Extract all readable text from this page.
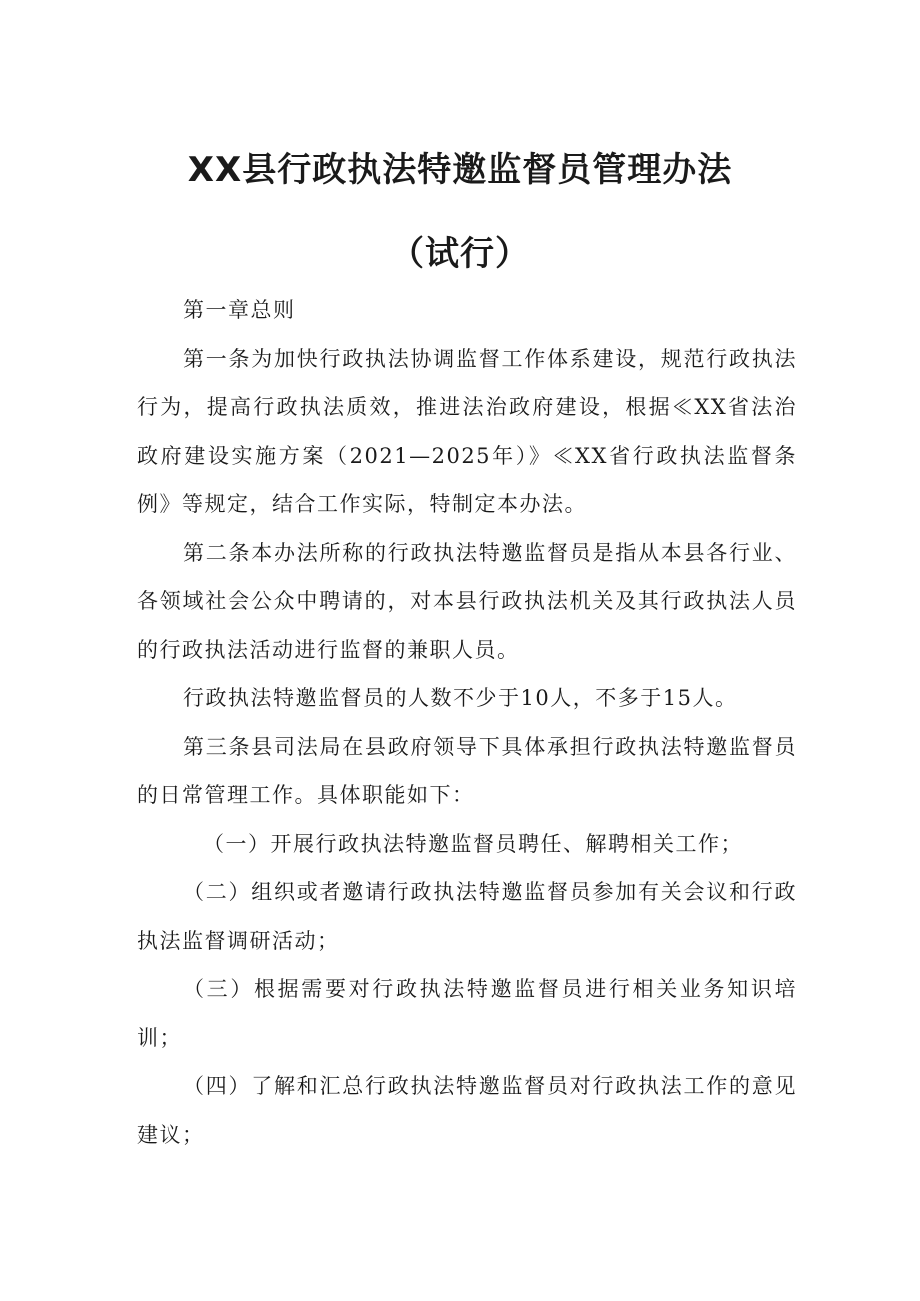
XX县行政执法特邀监督员管理办法
（试行）

第一章总则

第一条为加快行政执法协调监督工作体系建设，规范行政执法行为，提高行政执法质效，推进法治政府建设，根据≪XX省法治政府建设实施方案（2021—2025年）》≪XX省行政执法监督条例》等规定，结合工作实际，特制定本办法。

第二条本办法所称的行政执法特邀监督员是指从本县各行业、各领域社会公众中聘请的，对本县行政执法机关及其行政执法人员的行政执法活动进行监督的兼职人员。

行政执法特邀监督员的人数不少于10人，不多于15人。

第三条县司法局在县政府领导下具体承担行政执法特邀监督员的日常管理工作。具体职能如下：

（一）开展行政执法特邀监督员聘任、解聘相关工作；

（二）组织或者邀请行政执法特邀监督员参加有关会议和行政执法监督调研活动；

（三）根据需要对行政执法特邀监督员进行相关业务知识培训；

（四）了解和汇总行政执法特邀监督员对行政执法工作的意见建议；
